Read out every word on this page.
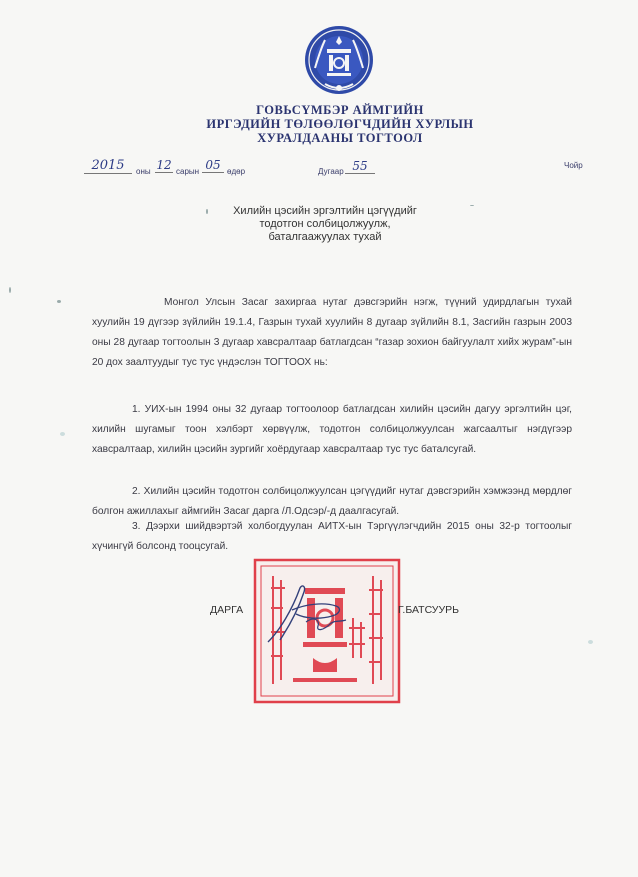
ГОВЬСҮМБЭР АЙМГИЙН
ИРГЭДИЙН ТӨЛӨӨЛӨГЧДИЙН ХУРЛЫН
ХУРАЛДААНЫ ТОГТООЛ
2015	оны 12 сарын 05 өдөр	Дугаар 55	Чойр
Хилийн цэсийн эргэлтийн цэгүүдийг
тодотгон солбицолжуулж,
баталгаажуулах тухай
Монгол Улсын Засаг захиргаа нутаг дэвсгэрийн нэгж, түүний удирдлагын тухай хуулийн 19 дүгээр зүйлийн 19.1.4, Газрын тухай хуулийн 8 дугаар зүйлийн 8.1, Засгийн газрын 2003 оны 28 дугаар тогтоолын 3 дугаар хавсралтаар батлагдсан “газар зохион байгуулалт хийх журам”-ын 20 дох заалтуудыг тус тус үндэслэн ТОГТООХ нь:
1. УИХ-ын 1994 оны 32 дугаар тогтоолоор батлагдсан хилийн цэсийн дагуу эргэлтийн цэг, хилийн шугамыг тоон хэлбэрт хөрвүүлж, тодотгон солбицолжуулсан жагсаалтыг нэгдүгээр хавсралтаар, хилийн цэсийн зургийг хоёрдугаар хавсралтаар тус тус баталсугай.
2. Хилийн цэсийн тодотгон солбицолжуулсан цэгүүдийг нутаг дэвсгэрийн хэмжээнд мөрдлөг болгон ажиллахыг аймгийн Засаг дарга /Л.Одсэр/-д даалгасугай.
3. Дээрхи шийдвэртэй холбогдуулан АИТХ-ын Тэргүүлэгчдийн 2015 оны 32-р тогтоолыг хүчингүй болсонд тооцсугай.
ДАРГА	Г.БАТСУУРЬ
